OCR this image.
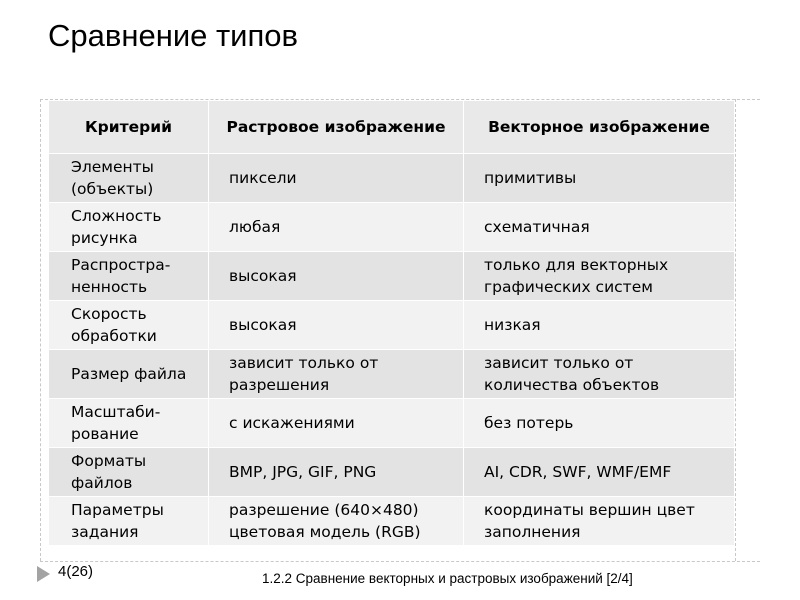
Сравнение типов
Критерий	Растровое изображение	Векторное изображение
Элементы (объекты)	пиксели	примитивы
Сложность рисунка	любая	схематичная
Распростра-ненность	высокая	только для векторных графических систем
Скорость обработки	высокая	низкая
Размер файла	зависит только от разрешения	зависит только от количества объектов
Масштаби-рование	с искажениями	без потерь
Форматы файлов	BMP, JPG, GIF, PNG	AI, CDR, SWF, WMF/EMF
Параметры задания	разрешение (640×480) цветовая модель (RGB)	координаты вершин цвет заполнения
4(26)	1.2.2 Сравнение векторных и растровых изображений [2/4]
